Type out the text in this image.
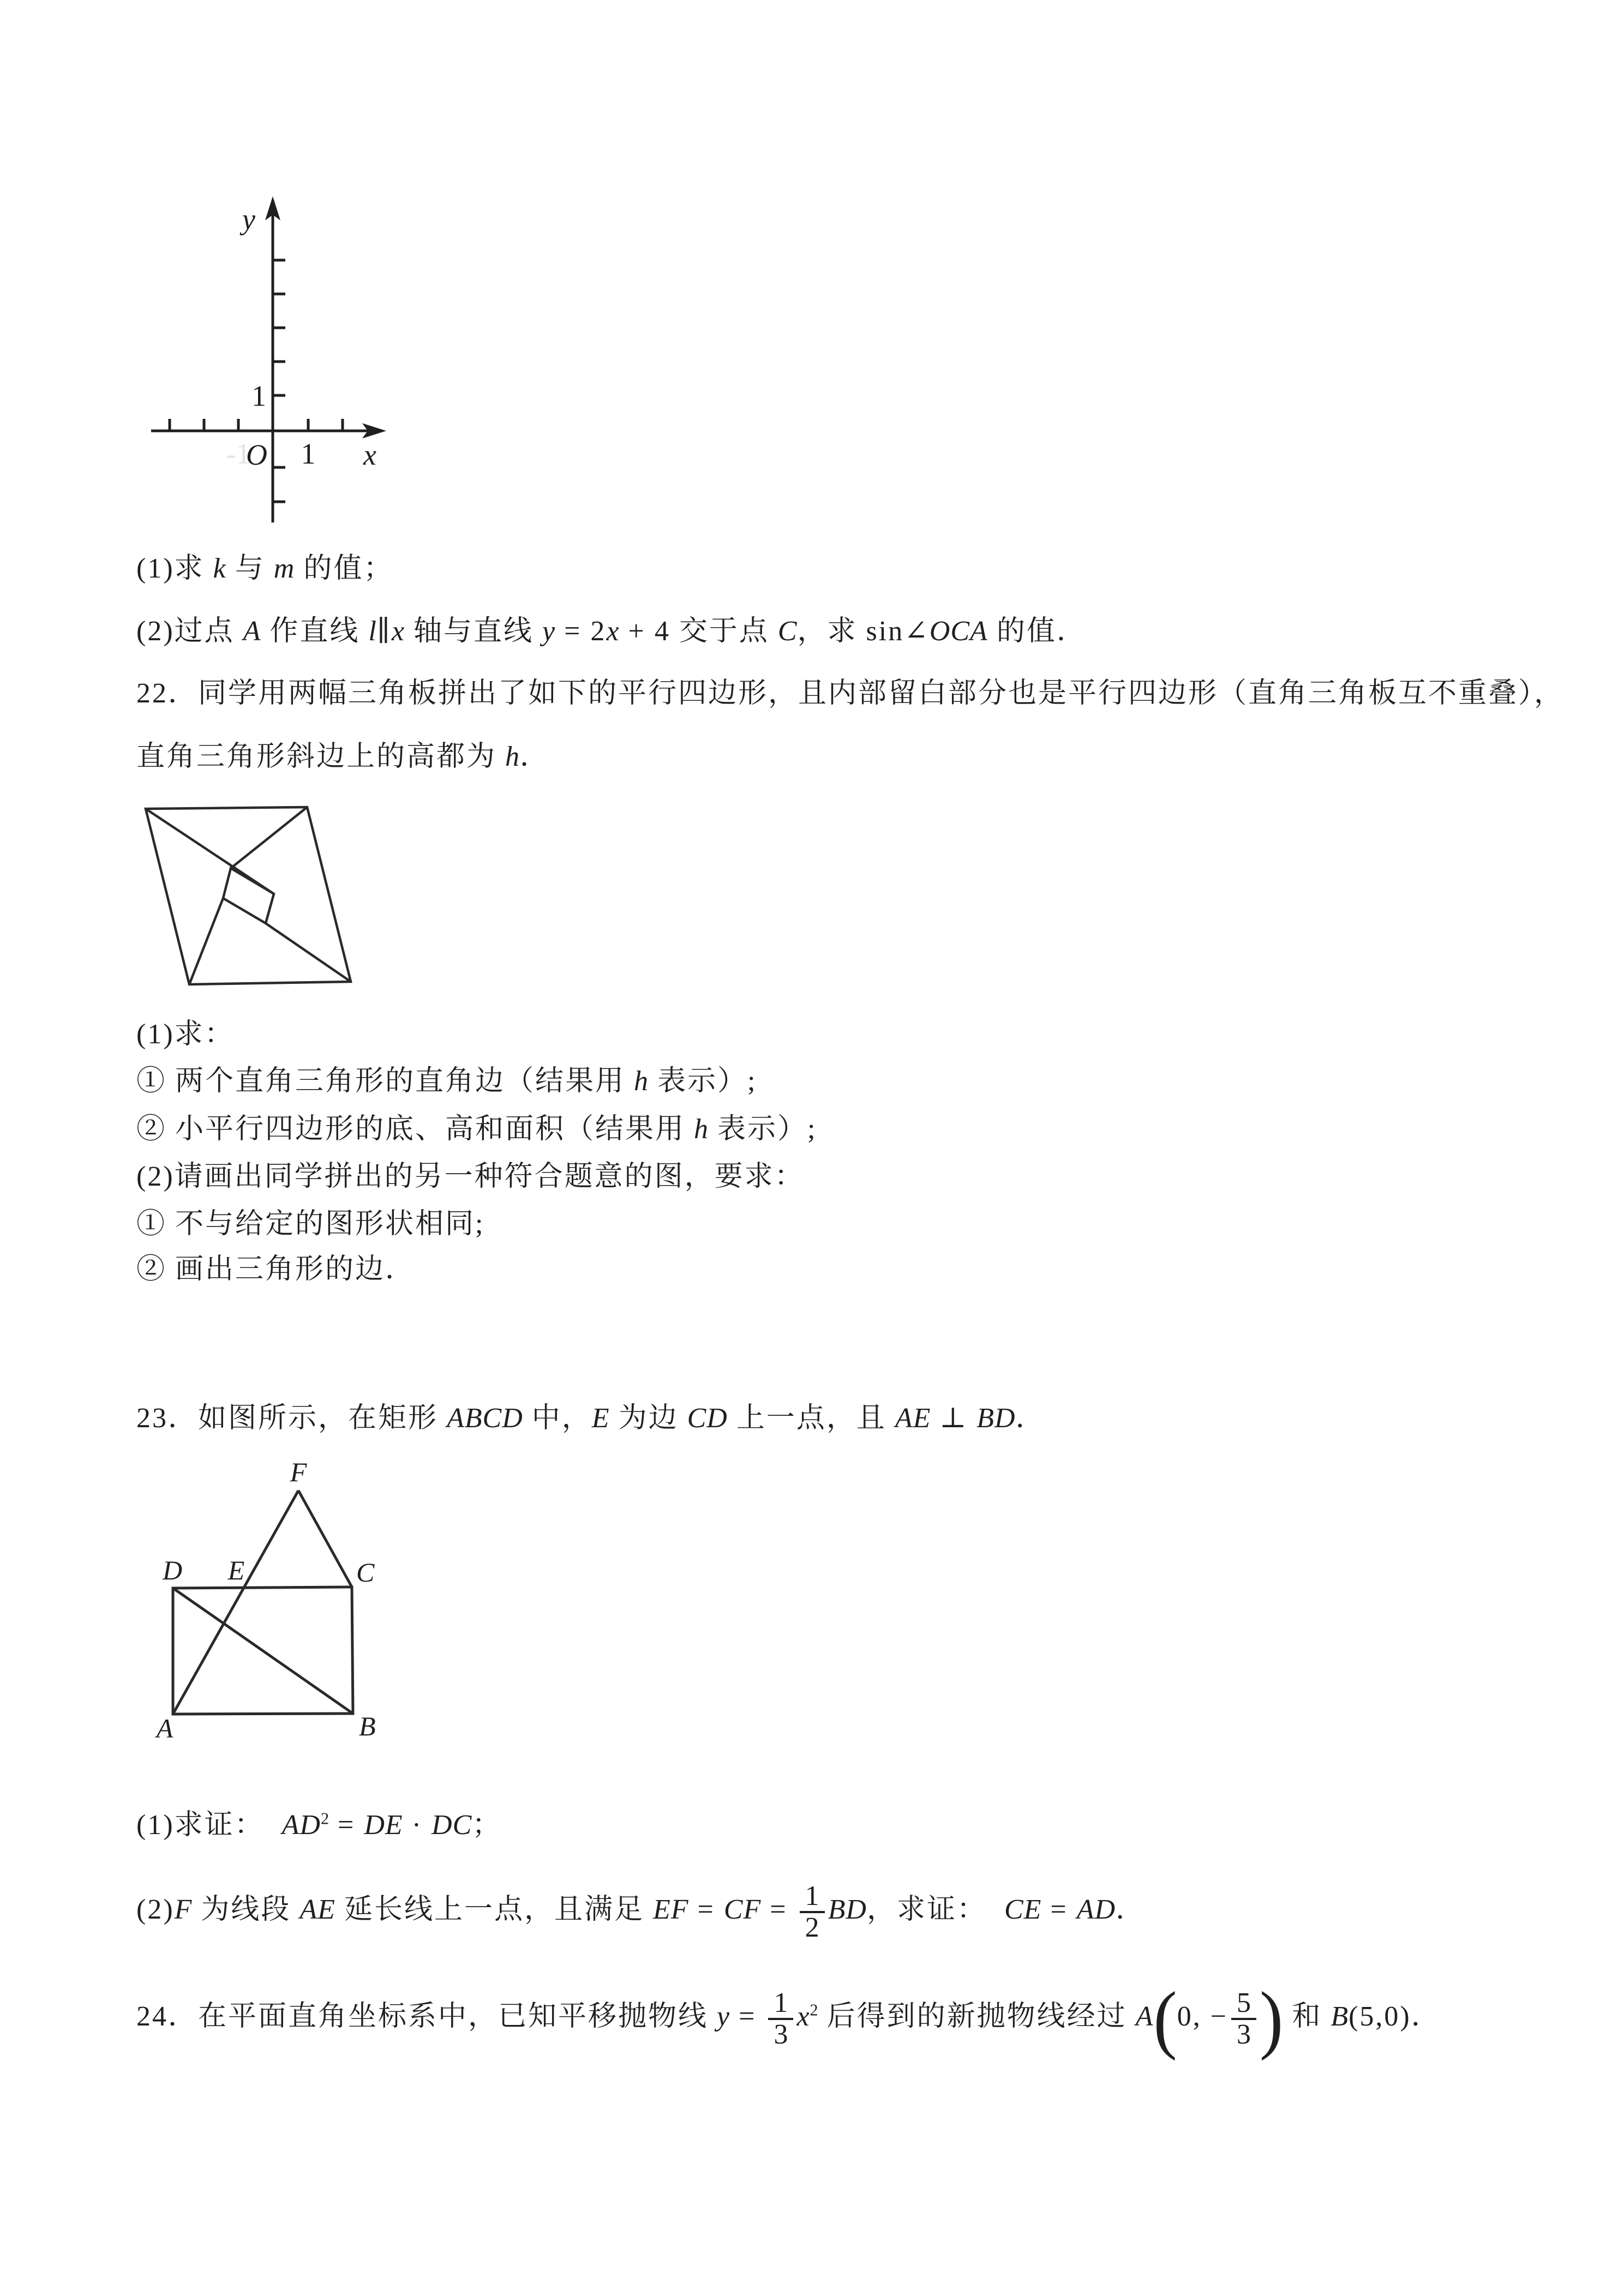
y
x
O 1
1
-1
(1)求 k 与 m 的值；
(2)过点 A 作直线 l∥x 轴与直线 y = 2x + 4 交于点 C，求 sin∠OCA 的值．
22．同学用两幅三角板拼出了如下的平行四边形，且内部留白部分也是平行四边形（直角三角板互不重叠），
直角三角形斜边上的高都为 h．
(1)求：
① 两个直角三角形的直角边（结果用 h 表示）;
② 小平行四边形的底、高和面积（结果用 h 表示）;
(2)请画出同学拼出的另一种符合题意的图，要求：
① 不与给定的图形状相同;
② 画出三角形的边．
23．如图所示，在矩形 ABCD 中，E 为边 CD 上一点，且 AE ⊥ BD．
F
D E	C
A	B
(1)求证：  $AD^2$ = DE · DC；
(2)F 为线段 AE 延长线上一点，且满足 EF = CF = $\frac{1}{2}$ BD，求证：  CE = AD．
24．在平面直角坐标系中，已知平移抛物线 $y = \frac{1}{3} x^2$ 后得到的新抛物线经过 A(0, − $\frac{5}{3}$ ) 和 B(5,0)．
